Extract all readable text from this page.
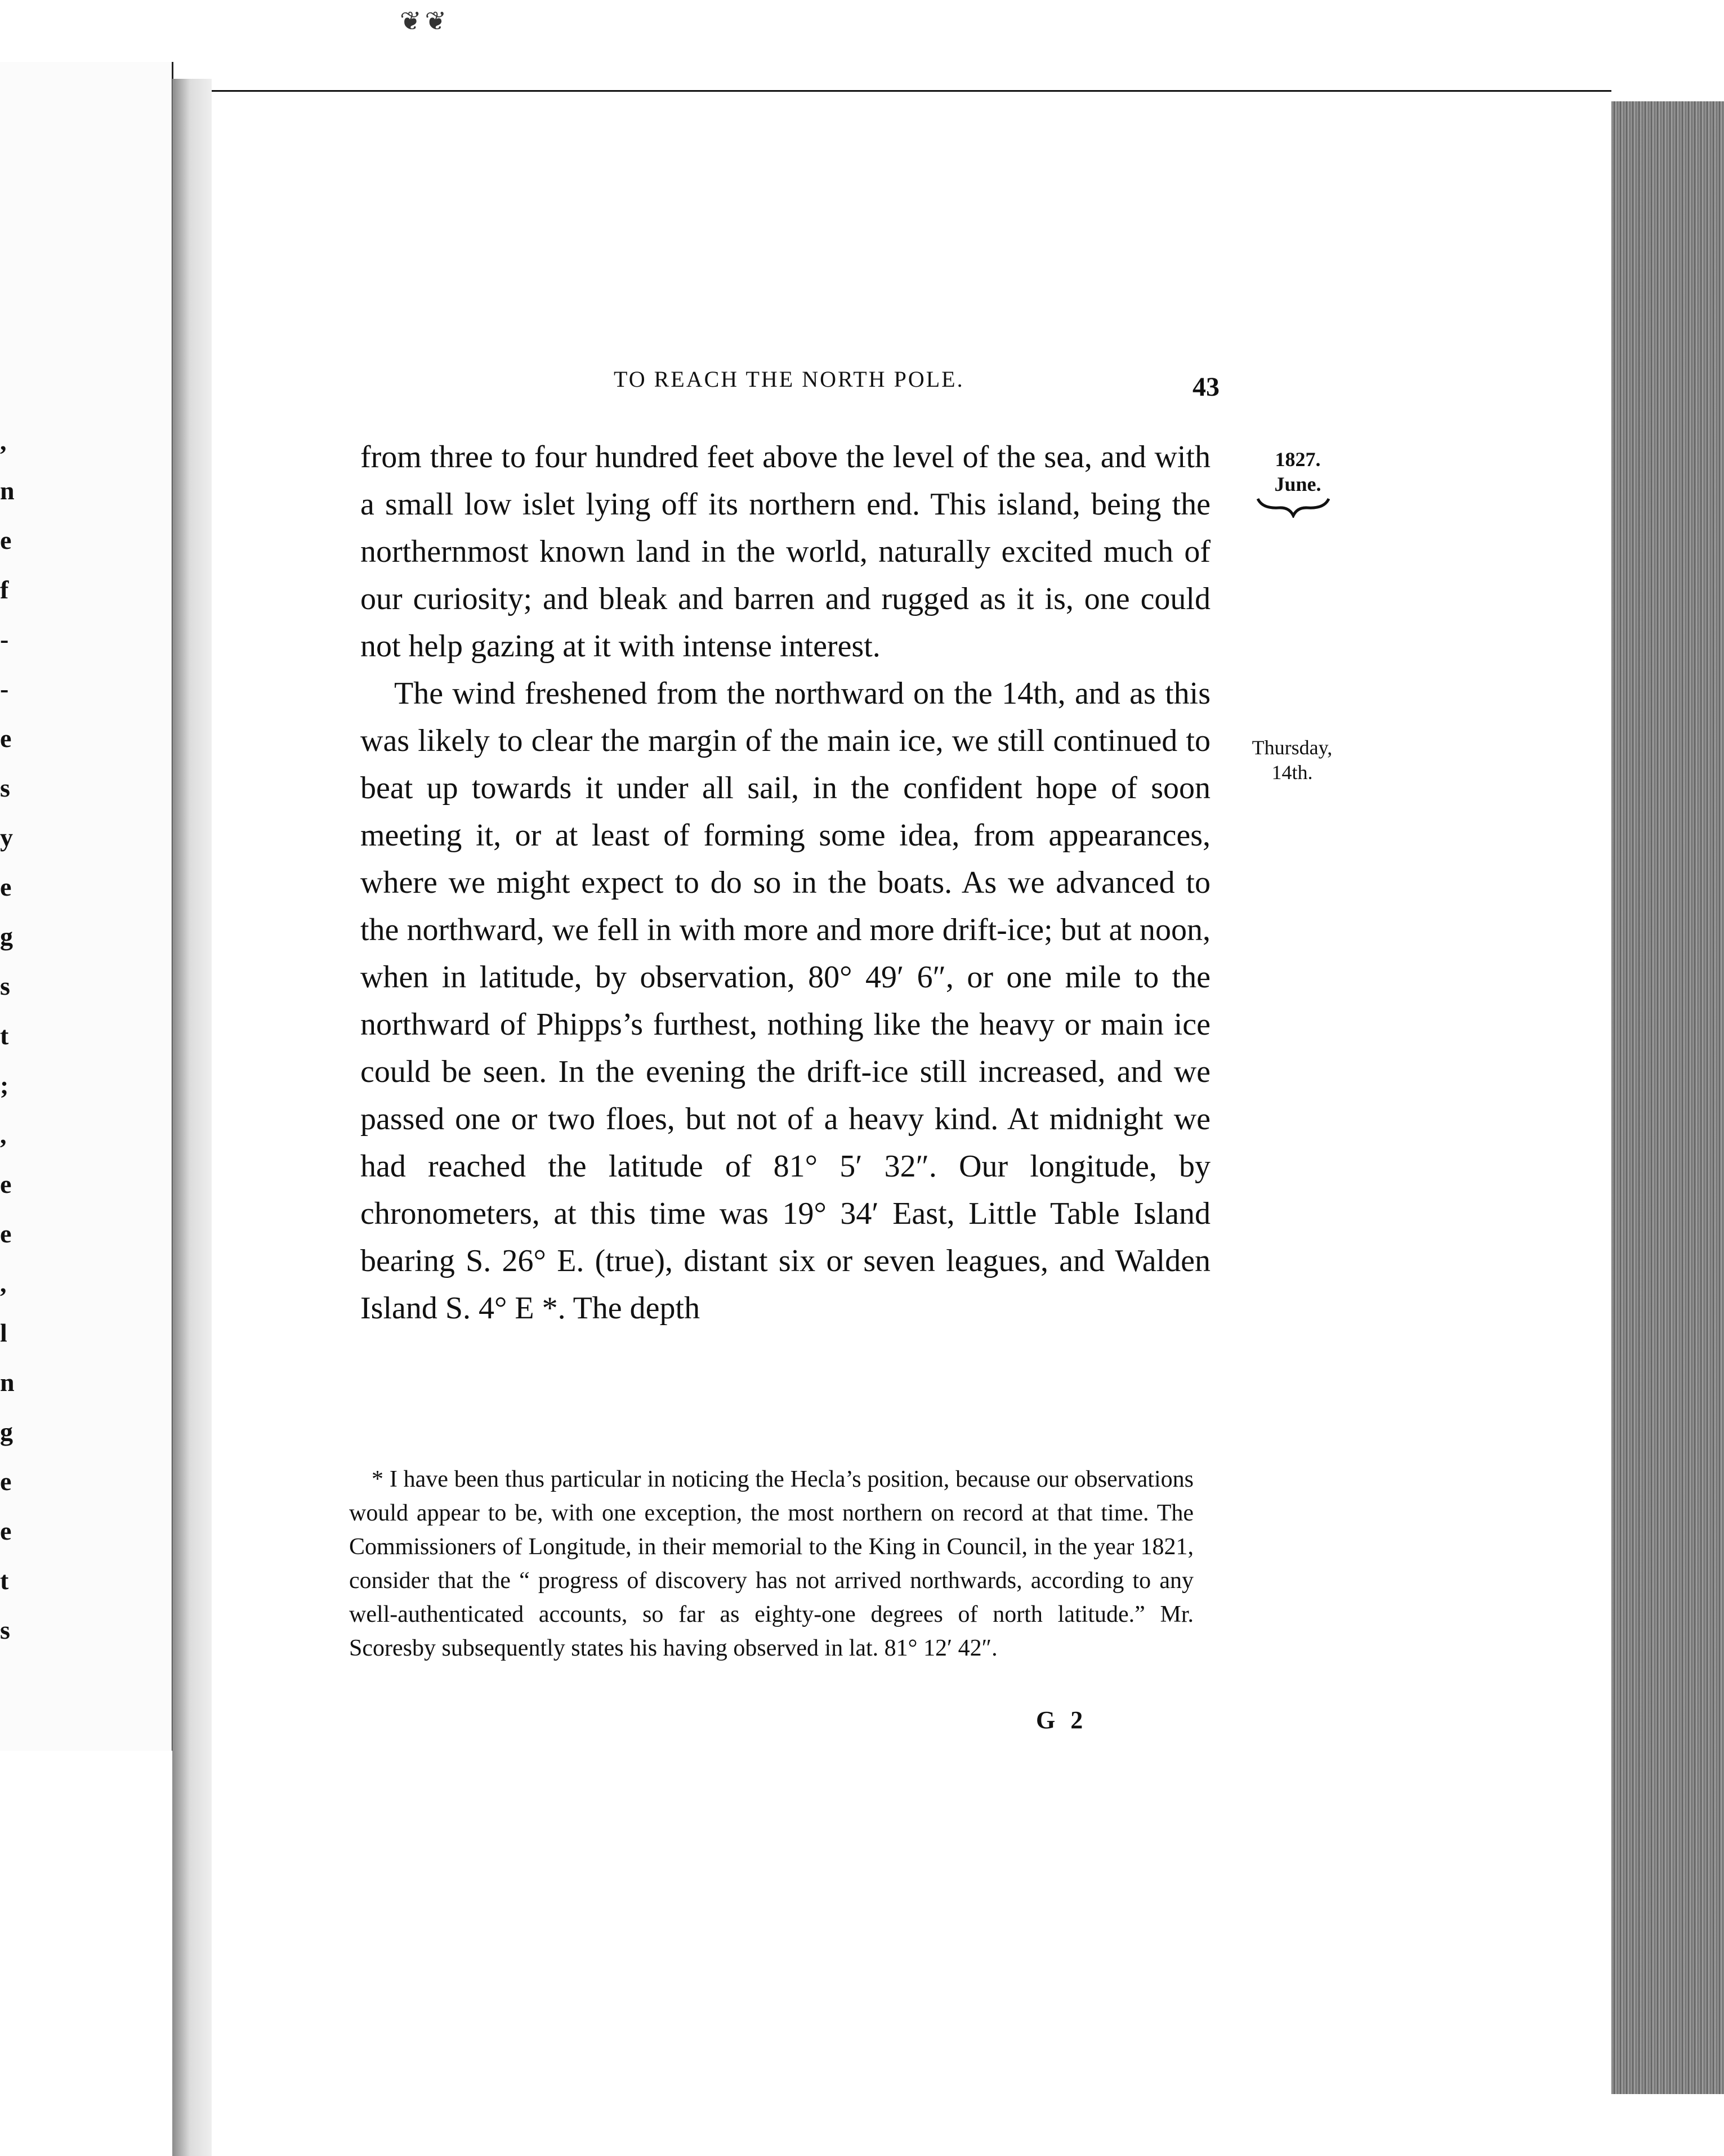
❦❦
,
n
e
f
-
-
e
s
y
e
g
s
t
;
,
e
e
,
l
n
g
e
e
t
s
TO REACH THE NORTH POLE.	43
1827.
June.
Thursday,
14th.

from three to four hundred feet above the level of the sea, and with a small low islet lying off its northern end. This island, being the northernmost known land in the world, naturally excited much of our curiosity; and bleak and barren and rugged as it is, one could not help gazing at it with intense interest.

The wind freshened from the northward on the 14th, and as this was likely to clear the margin of the main ice, we still continued to beat up towards it under all sail, in the confident hope of soon meeting it, or at least of forming some idea, from appearances, where we might expect to do so in the boats. As we advanced to the northward, we fell in with more and more drift-ice; but at noon, when in latitude, by observation, 80° 49′ 6″, or one mile to the northward of Phipps’s furthest, nothing like the heavy or main ice could be seen. In the evening the drift-ice still increased, and we passed one or two floes, but not of a heavy kind. At midnight we had reached the latitude of 81° 5′ 32″. Our longitude, by chronometers, at this time was 19° 34′ East, Little Table Island bearing S. 26° E. (true), distant six or seven leagues, and Walden Island S. 4° E *. The depth

* I have been thus particular in noticing the Hecla’s position, because our observations would appear to be, with one exception, the most northern on record at that time. The Commissioners of Longitude, in their memorial to the King in Council, in the year 1821, consider that the “ progress of discovery has not arrived northwards, according to any well-authenticated accounts, so far as eighty-one degrees of north latitude.” Mr. Scoresby subsequently states his having observed in lat. 81° 12′ 42″.

G 2
